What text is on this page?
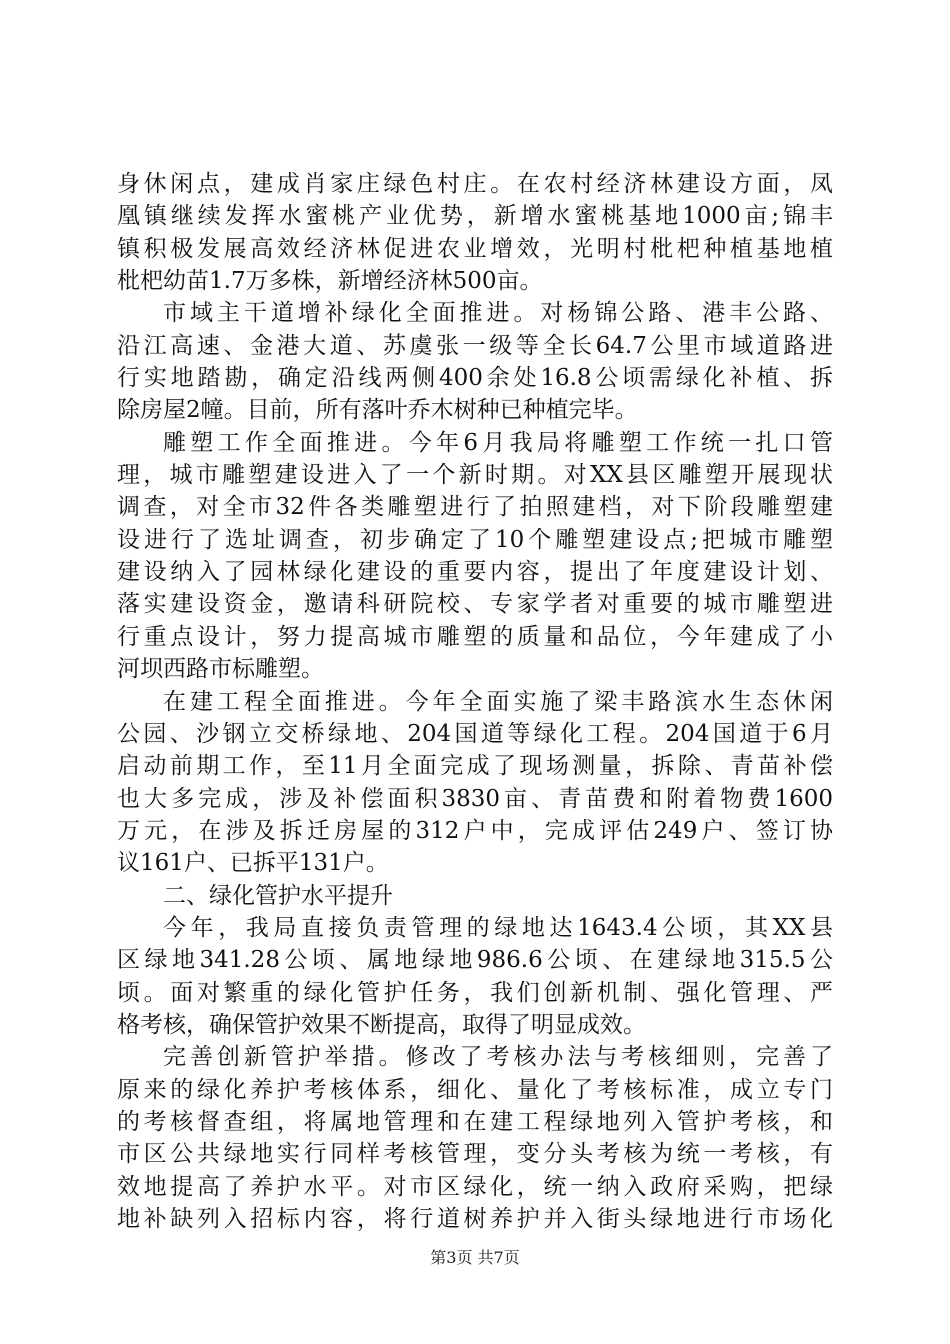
身休闲点，建成肖家庄绿色村庄。在农村经济林建设方面，凤
凰镇继续发挥水蜜桃产业优势，新增水蜜桃基地1000亩;锦丰
镇积极发展高效经济林促进农业增效，光明村枇杷种植基地植
枇杷幼苗1.7万多株，新增经济林500亩。
市域主干道增补绿化全面推进。对杨锦公路、港丰公路、
沿江高速、金港大道、苏虞张一级等全长64.7公里市域道路进
行实地踏勘，确定沿线两侧400余处16.8公顷需绿化补植、拆
除房屋2幢。目前，所有落叶乔木树种已种植完毕。
雕塑工作全面推进。今年6月我局将雕塑工作统一扎口管
理，城市雕塑建设进入了一个新时期。对XX县区雕塑开展现状
调查，对全市32件各类雕塑进行了拍照建档，对下阶段雕塑建
设进行了选址调查，初步确定了10个雕塑建设点;把城市雕塑
建设纳入了园林绿化建设的重要内容，提出了年度建设计划、
落实建设资金，邀请科研院校、专家学者对重要的城市雕塑进
行重点设计，努力提高城市雕塑的质量和品位，今年建成了小
河坝西路市标雕塑。
在建工程全面推进。今年全面实施了梁丰路滨水生态休闲
公园、沙钢立交桥绿地、204国道等绿化工程。204国道于6月
启动前期工作，至11月全面完成了现场测量，拆除、青苗补偿
也大多完成，涉及补偿面积3830亩、青苗费和附着物费1600
万元，在涉及拆迁房屋的312户中，完成评估249户、签订协
议161户、已拆平131户。
二、绿化管护水平提升
今年，我局直接负责管理的绿地达1643.4公顷，其XX县
区绿地341.28公顷、属地绿地986.6公顷、在建绿地315.5公
顷。面对繁重的绿化管护任务，我们创新机制、强化管理、严
格考核，确保管护效果不断提高，取得了明显成效。
完善创新管护举措。修改了考核办法与考核细则，完善了
原来的绿化养护考核体系，细化、量化了考核标准，成立专门
的考核督查组，将属地管理和在建工程绿地列入管护考核，和
市区公共绿地实行同样考核管理，变分头考核为统一考核，有
效地提高了养护水平。对市区绿化，统一纳入政府采购，把绿
地补缺列入招标内容，将行道树养护并入街头绿地进行市场化
第3页 共7页
